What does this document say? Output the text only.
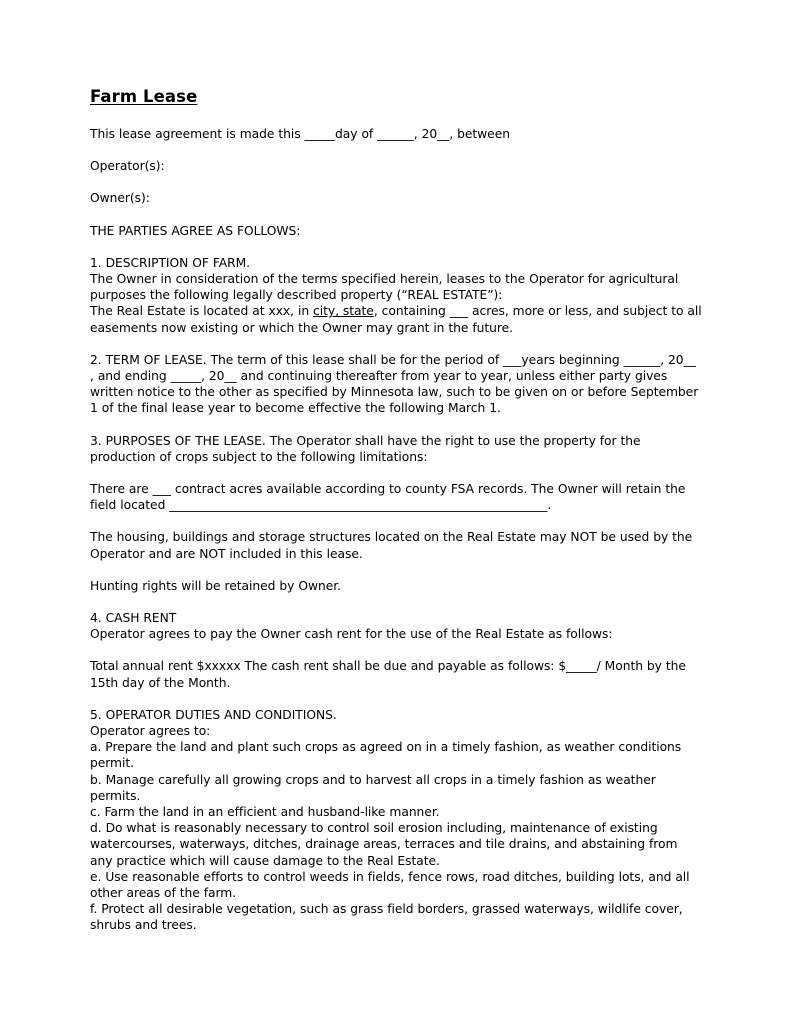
Farm Lease

This lease agreement is made this _____day of ______, 20__, between

Operator(s):

Owner(s):

THE PARTIES AGREE AS FOLLOWS:

1. DESCRIPTION OF FARM.
The Owner in consideration of the terms specified herein, leases to the Operator for agricultural purposes the following legally described property (“REAL ESTATE”):
The Real Estate is located at xxx, in city, state, containing ___ acres, more or less, and subject to all easements now existing or which the Owner may grant in the future.

2. TERM OF LEASE. The term of this lease shall be for the period of ___years beginning ______, 20__ , and ending _____, 20__ and continuing thereafter from year to year, unless either party gives written notice to the other as specified by Minnesota law, such to be given on or before September 1 of the final lease year to become effective the following March 1.

3. PURPOSES OF THE LEASE. The Operator shall have the right to use the property for the production of crops subject to the following limitations:

There are ___ contract acres available according to county FSA records. The Owner will retain the field located ______________________________________________________________.

The housing, buildings and storage structures located on the Real Estate may NOT be used by the Operator and are NOT included in this lease.

Hunting rights will be retained by Owner.

4. CASH RENT
Operator agrees to pay the Owner cash rent for the use of the Real Estate as follows:

Total annual rent $xxxxx The cash rent shall be due and payable as follows: $_____/ Month by the 15th day of the Month.

5. OPERATOR DUTIES AND CONDITIONS.
Operator agrees to:
a. Prepare the land and plant such crops as agreed on in a timely fashion, as weather conditions permit.
b. Manage carefully all growing crops and to harvest all crops in a timely fashion as weather permits.
c. Farm the land in an efficient and husband-like manner.
d. Do what is reasonably necessary to control soil erosion including, maintenance of existing watercourses, waterways, ditches, drainage areas, terraces and tile drains, and abstaining from any practice which will cause damage to the Real Estate.
e. Use reasonable efforts to control weeds in fields, fence rows, road ditches, building lots, and all other areas of the farm.
f. Protect all desirable vegetation, such as grass field borders, grassed waterways, wildlife cover, shrubs and trees.
